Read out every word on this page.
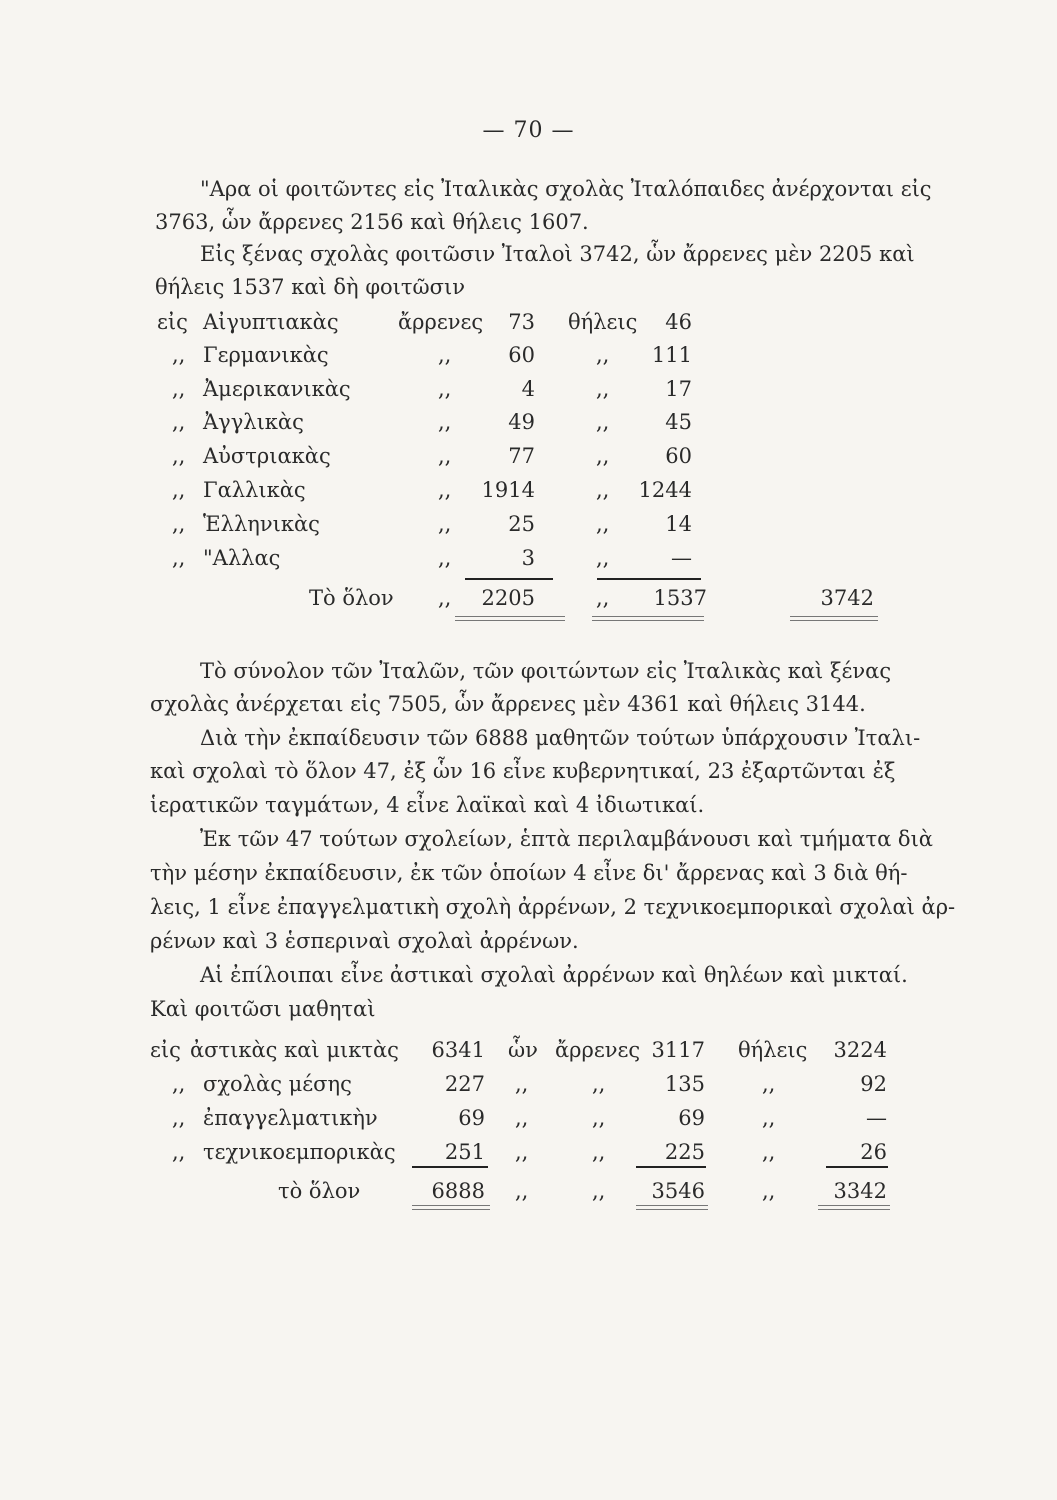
— 70 —
"Αρα οἱ φοιτῶντες εἰς Ἰταλικὰς σχολὰς Ἰταλόπαιδες ἀνέρχονται εἰς
3763, ὧν ἄρρενες 2156 καὶ θήλεις 1607.
Εἰς ξένας σχολὰς φοιτῶσιν Ἰταλοὶ 3742, ὧν ἄρρενες μὲν 2205 καὶ
θήλεις 1537 καὶ δὴ φοιτῶσιν
εἰς Αἰγυπτιακὰς	ἄρρενες	73 θήλεις	46
,, Γερμανικὰς	,,	60	,,	111
,, Ἀμερικανικὰς	,,	4	,,	17
,, Ἀγγλικὰς	,,	49	,,	45
,, Αὐστριακὰς	,,	77	,,	60
,, Γαλλικὰς	,,	1914	,,	1244
,, Ἑλληνικὰς	,,	25	,,	14
,, "Αλλας	,,	3	,,	—
Τὸ ὅλον ,,	2205	,,	1537	3742
Τὸ σύνολον τῶν Ἰταλῶν, τῶν φοιτώντων εἰς Ἰταλικὰς καὶ ξένας
σχολὰς ἀνέρχεται εἰς 7505, ὧν ἄρρενες μὲν 4361 καὶ θήλεις 3144.
Διὰ τὴν ἐκπαίδευσιν τῶν 6888 μαθητῶν τούτων ὑπάρχουσιν Ἰταλι-
καὶ σχολαὶ τὸ ὅλον 47, ἐξ ὧν 16 εἶνε κυβερνητικαί, 23 ἐξαρτῶνται ἐξ
ἱερατικῶν ταγμάτων, 4 εἶνε λαϊκαὶ καὶ 4 ἰδιωτικαί.
Ἐκ τῶν 47 τούτων σχολείων, ἑπτὰ περιλαμβάνουσι καὶ τμήματα διὰ
τὴν μέσην ἐκπαίδευσιν, ἐκ τῶν ὁποίων 4 εἶνε δι' ἄρρενας καὶ 3 διὰ θή-
λεις, 1 εἶνε ἐπαγγελματικὴ σχολὴ ἀρρένων, 2 τεχνικοεμπορικαὶ σχολαὶ ἀρ-
ρένων καὶ 3 ἑσπεριναὶ σχολαὶ ἀρρένων.
Αἱ ἐπίλοιπαι εἶνε ἀστικαὶ σχολαὶ ἀρρένων καὶ θηλέων καὶ μικταί.
Καὶ φοιτῶσι μαθηταὶ
εἰς ἀστικὰς καὶ μικτὰς	6341 ὧν ἄρρενες 3117 θήλεις	3224
,, σχολὰς μέσης	227 ,,	,,	135	,,	92
,, ἐπαγγελματικὴν	69 ,,	,,	69	,,	—
,, τεχνικοεμπορικὰς	251 ,,	,,	225	,,	26
τὸ ὅλον	6888 ,,	,,	3546	,,	3342
